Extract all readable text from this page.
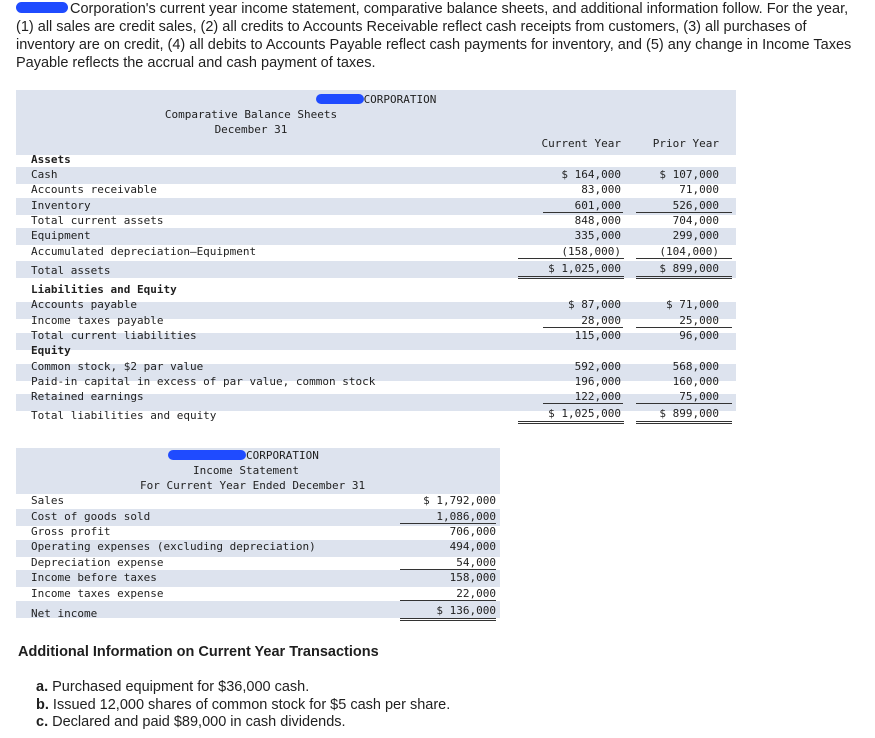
Corporation's current year income statement, comparative balance sheets, and additional information follow. For the year, (1) all sales are credit sales, (2) all credits to Accounts Receivable reflect cash receipts from customers, (3) all purchases of inventory are on credit, (4) all debits to Accounts Payable reflect cash payments for inventory, and (5) any change in Income Taxes Payable reflects the accrual and cash payment of taxes.
CORPORATION
Comparative Balance Sheets
December 31
Current Year	Prior Year
Assets
Cash	$ 164,000	$ 107,000
Accounts receivable	83,000	71,000
Inventory	601,000	526,000
Total current assets	848,000	704,000
Equipment	335,000	299,000
Accumulated depreciation—Equipment	(158,000)	(104,000)
Total assets	$ 1,025,000	$ 899,000
Liabilities and Equity
Accounts payable	$ 87,000	$ 71,000
Income taxes payable	28,000	25,000
Total current liabilities	115,000	96,000
Equity
Common stock, $2 par value	592,000	568,000
Paid-in capital in excess of par value, common stock	196,000	160,000
Retained earnings	122,000	75,000
Total liabilities and equity	$ 1,025,000	$ 899,000
CORPORATION
Income Statement
For Current Year Ended December 31
Sales	$ 1,792,000
Cost of goods sold	1,086,000
Gross profit	706,000
Operating expenses (excluding depreciation)	494,000
Depreciation expense	54,000
Income before taxes	158,000
Income taxes expense	22,000
Net income	$ 136,000
Additional Information on Current Year Transactions
a. Purchased equipment for $36,000 cash.
b. Issued 12,000 shares of common stock for $5 cash per share.
c. Declared and paid $89,000 in cash dividends.
